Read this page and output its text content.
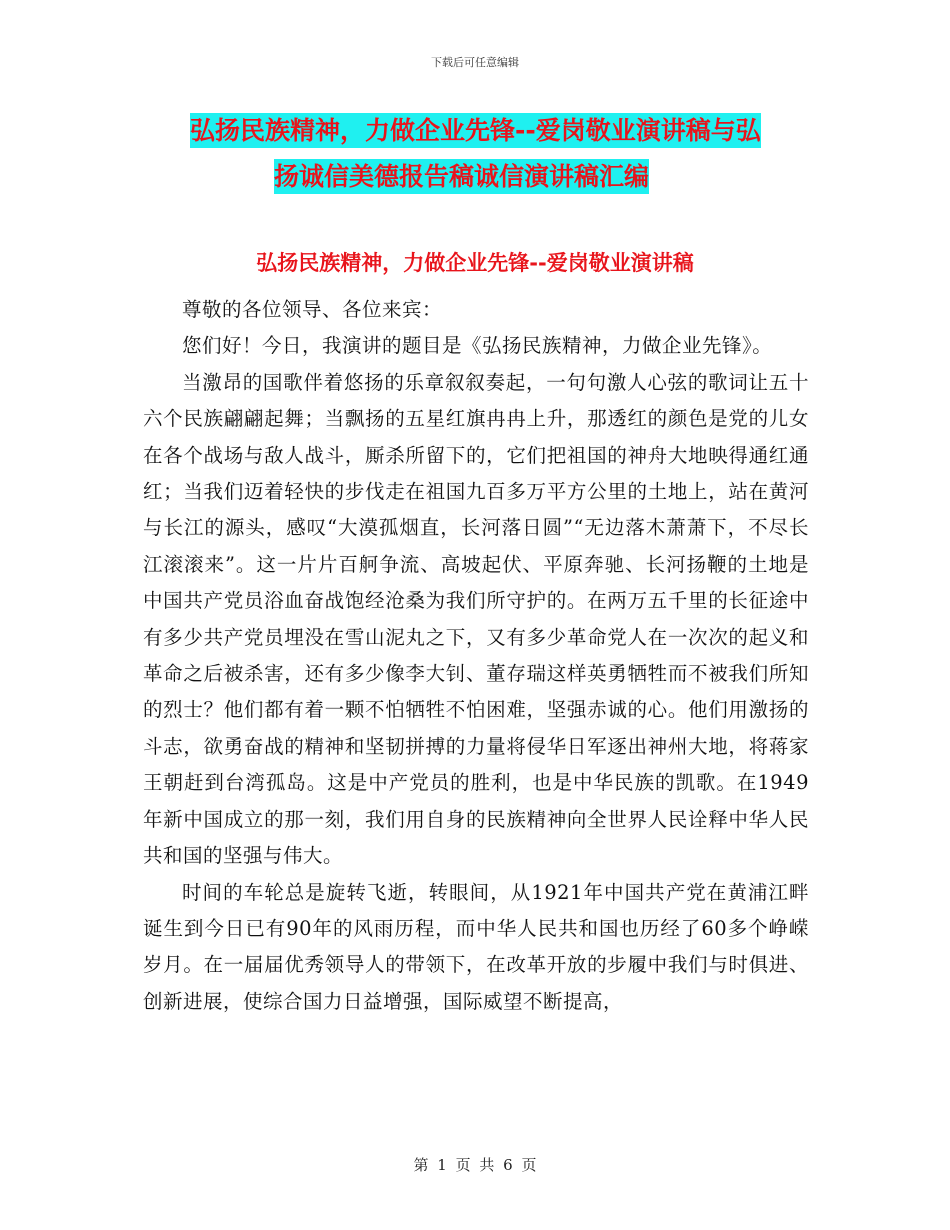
下载后可任意编辑
弘扬民族精神，力做企业先锋--爱岗敬业演讲稿与弘
扬诚信美德报告稿诚信演讲稿汇编
弘扬民族精神，力做企业先锋--爱岗敬业演讲稿

尊敬的各位领导、各位来宾：

您们好！今日，我演讲的题目是《弘扬民族精神，力做企业先锋》。

当激昂的国歌伴着悠扬的乐章叙叙奏起，一句句激人心弦的歌词让五十六个民族翩翩起舞；当飘扬的五星红旗冉冉上升，那透红的颜色是党的儿女在各个战场与敌人战斗，厮杀所留下的，它们把祖国的神舟大地映得通红通红；当我们迈着轻快的步伐走在祖国九百多万平方公里的土地上，站在黄河与长江的源头，感叹“大漠孤烟直，长河落日圆”“无边落木萧萧下，不尽长江滚滚来”。这一片片百舸争流、高坡起伏、平原奔驰、长河扬鞭的土地是中国共产党员浴血奋战饱经沧桑为我们所守护的。在两万五千里的长征途中有多少共产党员埋没在雪山泥丸之下，又有多少革命党人在一次次的起义和革命之后被杀害，还有多少像李大钊、董存瑞这样英勇牺牲而不被我们所知的烈士？他们都有着一颗不怕牺牲不怕困难，坚强赤诚的心。他们用激扬的斗志，欲勇奋战的精神和坚韧拼搏的力量将侵华日军逐出神州大地，将蒋家王朝赶到台湾孤岛。这是中产党员的胜利，也是中华民族的凯歌。在1949年新中国成立的那一刻，我们用自身的民族精神向全世界人民诠释中华人民共和国的坚强与伟大。

时间的车轮总是旋转飞逝，转眼间，从1921年中国共产党在黄浦江畔诞生到今日已有90年的风雨历程，而中华人民共和国也历经了60多个峥嵘岁月。在一届届优秀领导人的带领下，在改革开放的步履中我们与时俱进、创新进展，使综合国力日益增强，国际威望不断提高，

第 1 页 共 6 页
